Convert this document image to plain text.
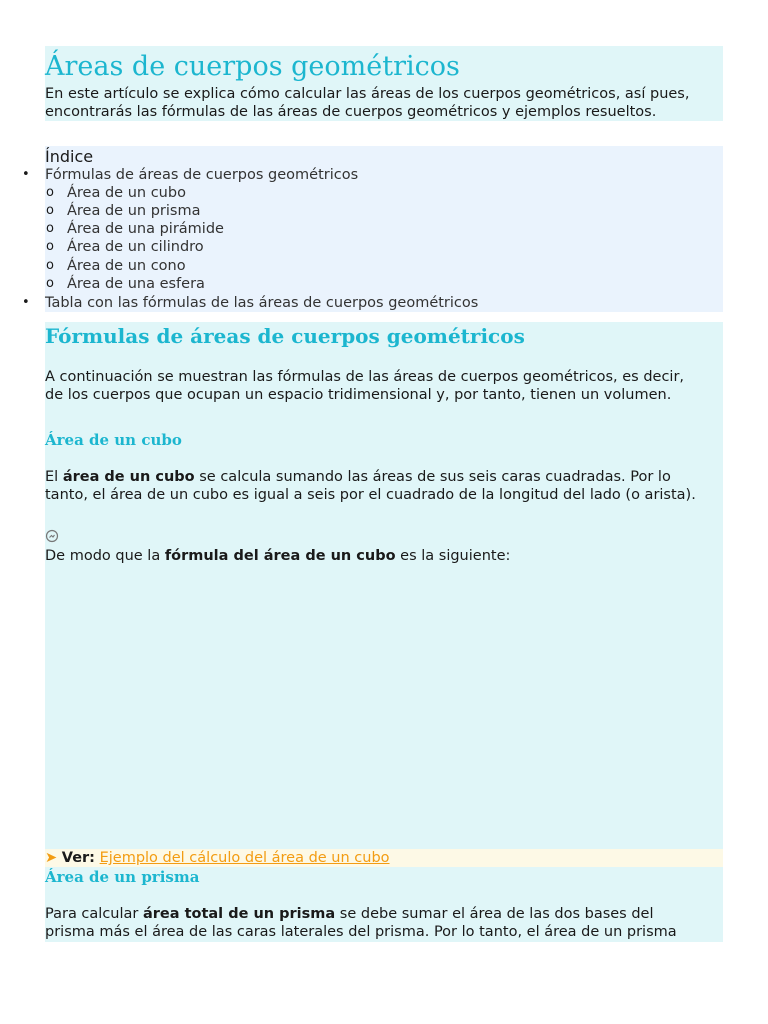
Áreas de cuerpos geométricos

En este artículo se explica cómo calcular las áreas de los cuerpos geométricos, así pues,
encontrarás las fórmulas de las áreas de cuerpos geométricos y ejemplos resueltos.

Índice
• Fórmulas de áreas de cuerpos geométricos
o Área de un cubo
o Área de un prisma
o Área de una pirámide
o Área de un cilindro
o Área de un cono
o Área de una esfera
• Tabla con las fórmulas de las áreas de cuerpos geométricos
Fórmulas de áreas de cuerpos geométricos

A continuación se muestran las fórmulas de las áreas de cuerpos geométricos, es decir,
de los cuerpos que ocupan un espacio tridimensional y, por tanto, tienen un volumen.

Área de un cubo

El área de un cubo se calcula sumando las áreas de sus seis caras cuadradas. Por lo
tanto, el área de un cubo es igual a seis por el cuadrado de la longitud del lado (o arista).

De modo que la fórmula del área de un cubo es la siguiente:

➤ Ver: Ejemplo del cálculo del área de un cubo
Área de un prisma

Para calcular área total de un prisma se debe sumar el área de las dos bases del
prisma más el área de las caras laterales del prisma. Por lo tanto, el área de un prisma
